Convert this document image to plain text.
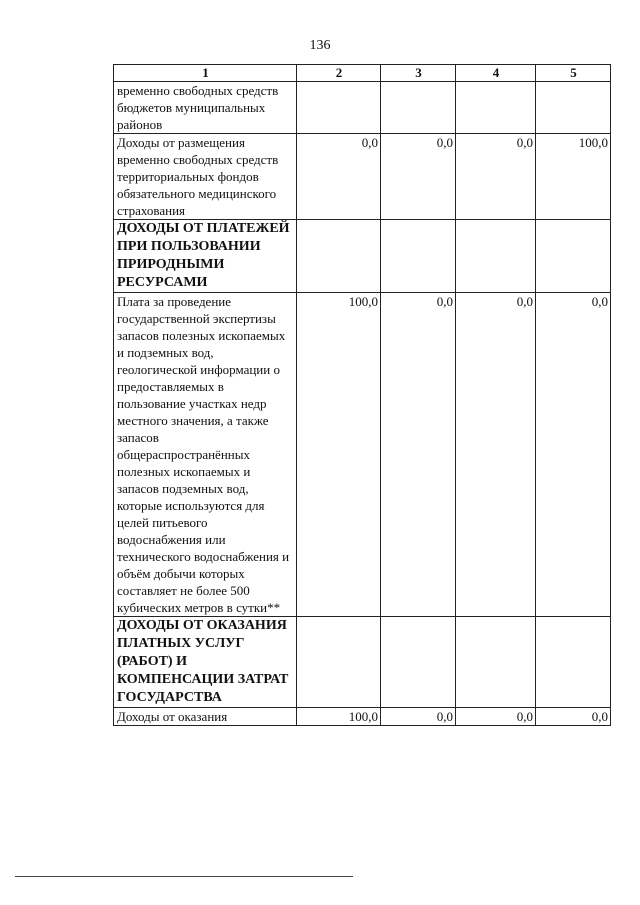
136
1	2	3	4	5
временно свободных средств бюджетов муниципальных районов				
Доходы от размещения временно свободных средств территориальных фондов обязательного медицинского страхования	0,0	0,0	0,0	100,0
ДОХОДЫ ОТ ПЛАТЕЖЕЙ ПРИ ПОЛЬЗОВАНИИ ПРИРОДНЫМИ РЕСУРСАМИ				
Плата за проведение государственной экспертизы запасов полезных ископаемых и подземных вод, геологической информации о предоставляемых в пользование участках недр местного значения, а также запасов общераспространённых полезных ископаемых и запасов подземных вод, которые используются для целей питьевого водоснабжения или технического водоснабжения и объём добычи которых составляет не более 500 кубических метров в сутки**	100,0	0,0	0,0	0,0
ДОХОДЫ ОТ ОКАЗАНИЯ ПЛАТНЫХ УСЛУГ (РАБОТ) И КОМПЕНСАЦИИ ЗАТРАТ ГОСУДАРСТВА				
Доходы от оказания	100,0	0,0	0,0	0,0
